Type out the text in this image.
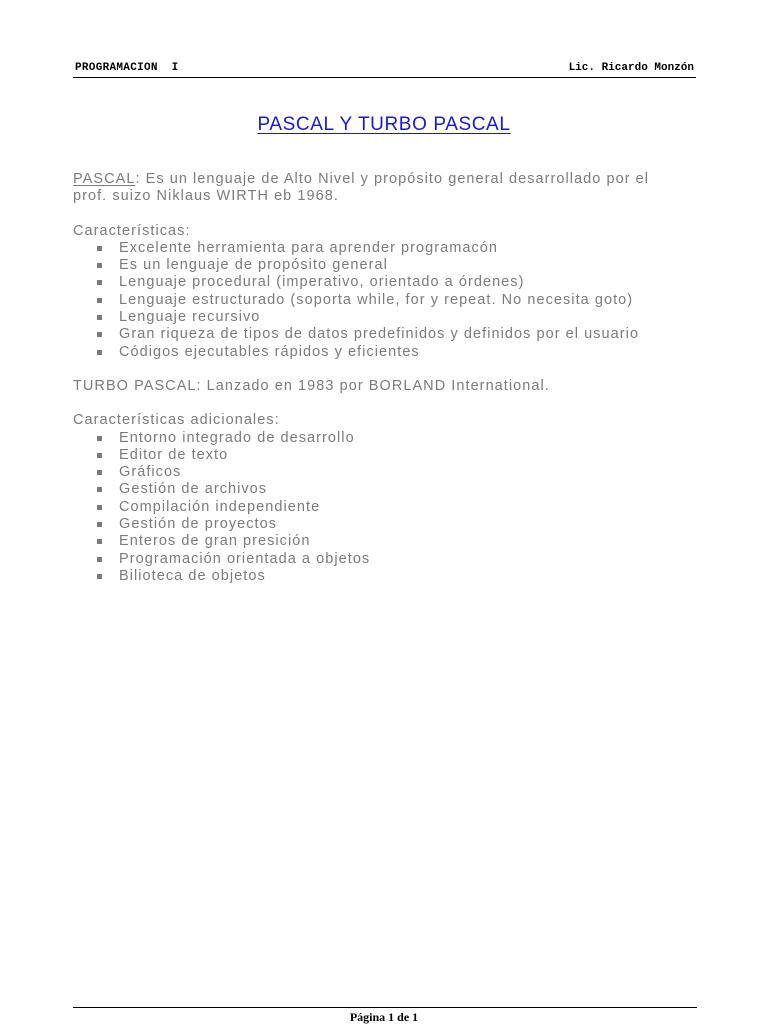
PROGRAMACION  I	Lic. Ricardo Monzón
PASCAL Y TURBO PASCAL

PASCAL: Es un lenguaje de Alto Nivel y propósito general desarrollado por el
prof. suizo Niklaus WIRTH eb 1968.

Características:

Excelente herramienta para aprender programacón
Es un lenguaje de propósito general
Lenguaje procedural (imperativo, orientado a órdenes)
Lenguaje estructurado (soporta while, for y repeat. No necesita goto)
Lenguaje recursivo
Gran riqueza de tipos de datos predefinidos y definidos por el usuario
Códigos ejecutables rápidos y eficientes

TURBO PASCAL: Lanzado en 1983 por BORLAND International.

Características adicionales:

Entorno integrado de desarrollo
Editor de texto
Gráficos
Gestión de archivos
Compilación independiente
Gestión de proyectos
Enteros de gran presición
Programación orientada a objetos
Bilioteca de objetos
Página 1 de 1
